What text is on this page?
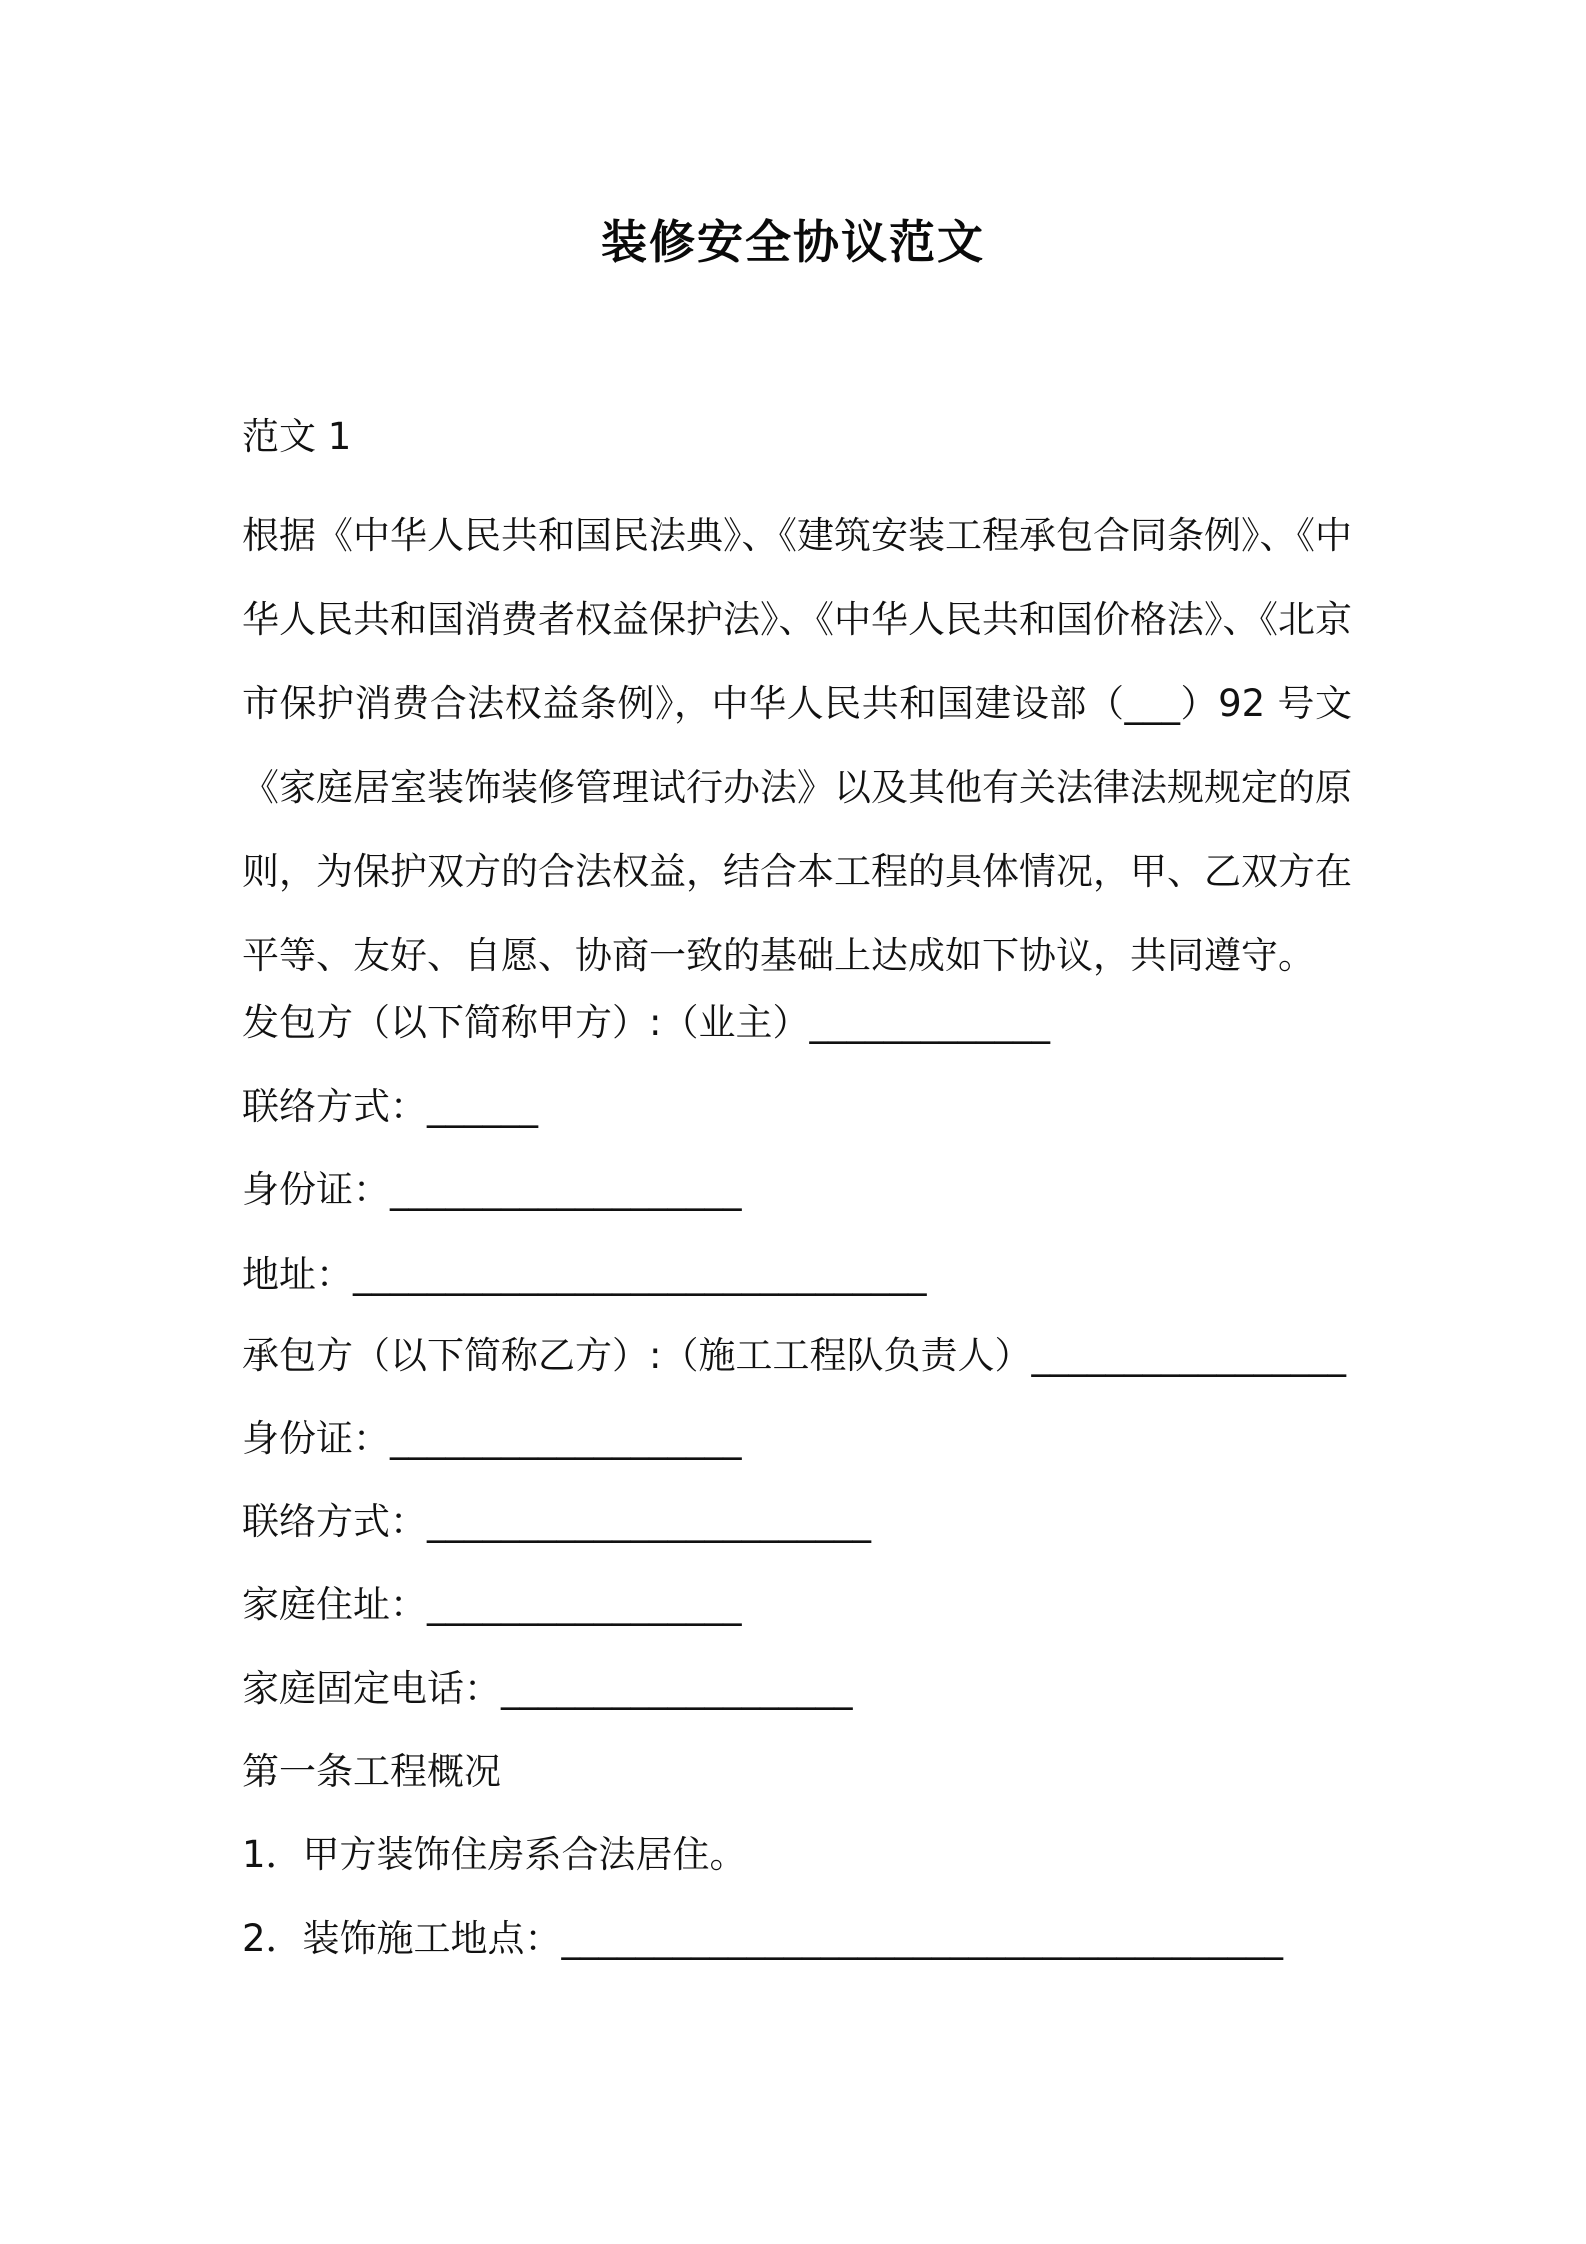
装修安全协议范文
范文 1
根据《中华人民共和国民法典》、《建筑安装工程承包合同条例》、《中华人民共和国消费者权益保护法》、《中华人民共和国价格法》、《北京市保护消费合法权益条例》，中华人民共和国建设部（___）92 号文《家庭居室装饰装修管理试行办法》以及其他有关法律法规规定的原则，为保护双方的合法权益，结合本工程的具体情况，甲、乙双方在平等、友好、自愿、协商一致的基础上达成如下协议，共同遵守。
发包方（以下简称甲方）:（业主）_____________
联络方式：______
身份证：___________________
地址：_______________________________
承包方（以下简称乙方）:（施工工程队负责人）_________________
身份证：___________________
联络方式：________________________
家庭住址：_________________
家庭固定电话：___________________
第一条工程概况
1．甲方装饰住房系合法居住。
2．装饰施工地点：_______________________________________
